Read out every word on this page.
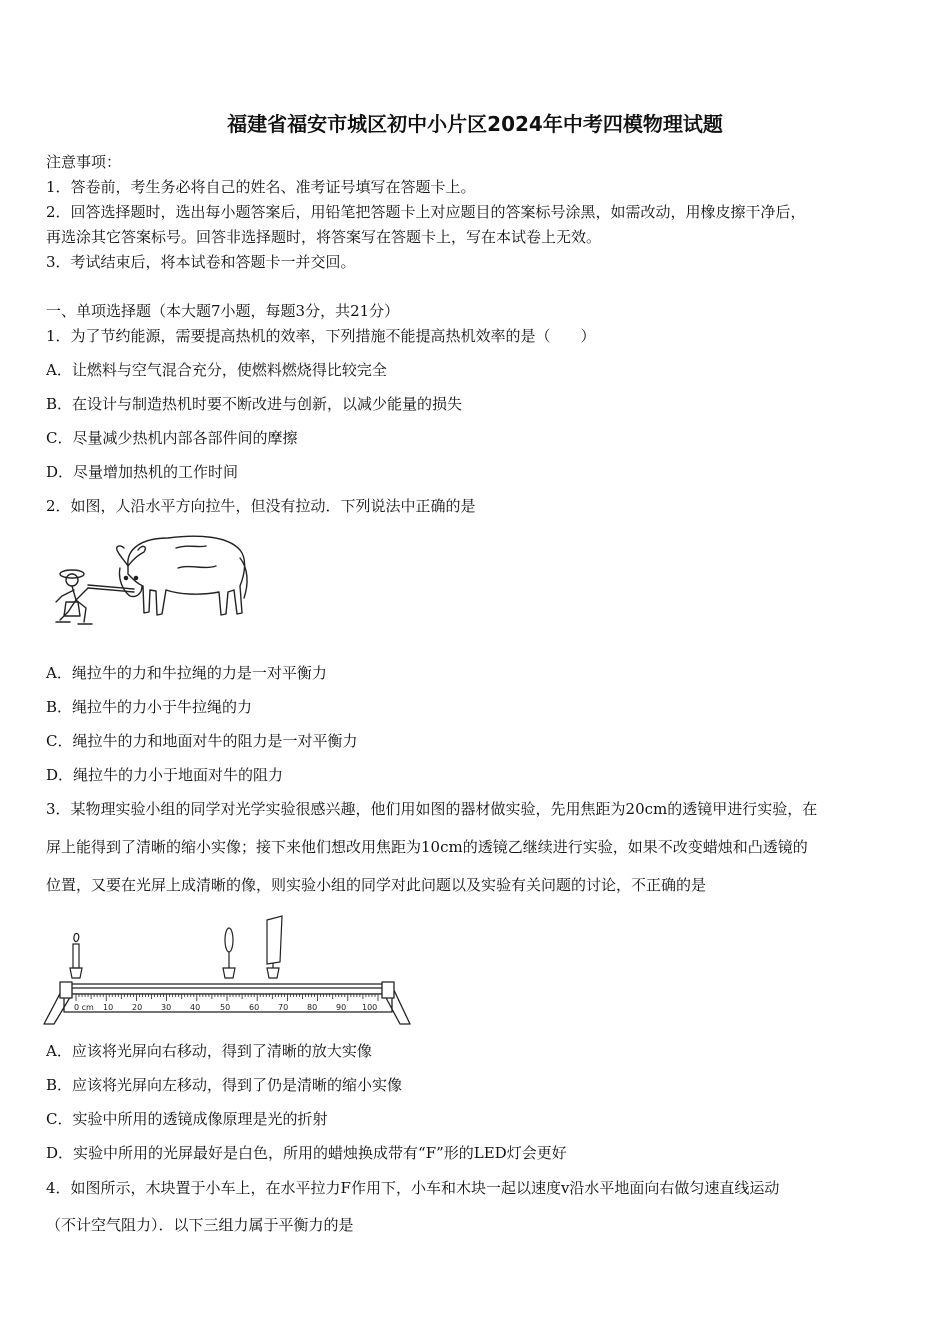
福建省福安市城区初中小片区2024年中考四模物理试题
注意事项：
1．答卷前，考生务必将自己的姓名、准考证号填写在答题卡上。
2．回答选择题时，选出每小题答案后，用铅笔把答题卡上对应题目的答案标号涂黑，如需改动，用橡皮擦干净后，
再选涂其它答案标号。回答非选择题时，将答案写在答题卡上，写在本试卷上无效。
3．考试结束后，将本试卷和答题卡一并交回。
一、单项选择题（本大题7小题，每题3分，共21分）
1．为了节约能源，需要提高热机的效率，下列措施不能提高热机效率的是（　　）
A．让燃料与空气混合充分，使燃料燃烧得比较完全
B．在设计与制造热机时要不断改进与创新，以减少能量的损失
C．尽量减少热机内部各部件间的摩擦
D．尽量增加热机的工作时间
2．如图，人沿水平方向拉牛，但没有拉动．下列说法中正确的是
A．绳拉牛的力和牛拉绳的力是一对平衡力
B．绳拉牛的力小于牛拉绳的力
C．绳拉牛的力和地面对牛的阻力是一对平衡力
D．绳拉牛的力小于地面对牛的阻力
3．某物理实验小组的同学对光学实验很感兴趣，他们用如图的器材做实验，先用焦距为20cm的透镜甲进行实验，在
屏上能得到了清晰的缩小实像；接下来他们想改用焦距为10cm的透镜乙继续进行实验，如果不改变蜡烛和凸透镜的
位置，又要在光屏上成清晰的像，则实验小组的同学对此问题以及实验有关问题的讨论，不正确的是
0 cm 10 20 30 40 50 60 70 80 90 100
A．应该将光屏向右移动，得到了清晰的放大实像
B．应该将光屏向左移动，得到了仍是清晰的缩小实像
C．实验中所用的透镜成像原理是光的折射
D．实验中所用的光屏最好是白色，所用的蜡烛换成带有“F”形的LED灯会更好
4．如图所示，木块置于小车上，在水平拉力F作用下，小车和木块一起以速度v沿水平地面向右做匀速直线运动
（不计空气阻力）．以下三组力属于平衡力的是
